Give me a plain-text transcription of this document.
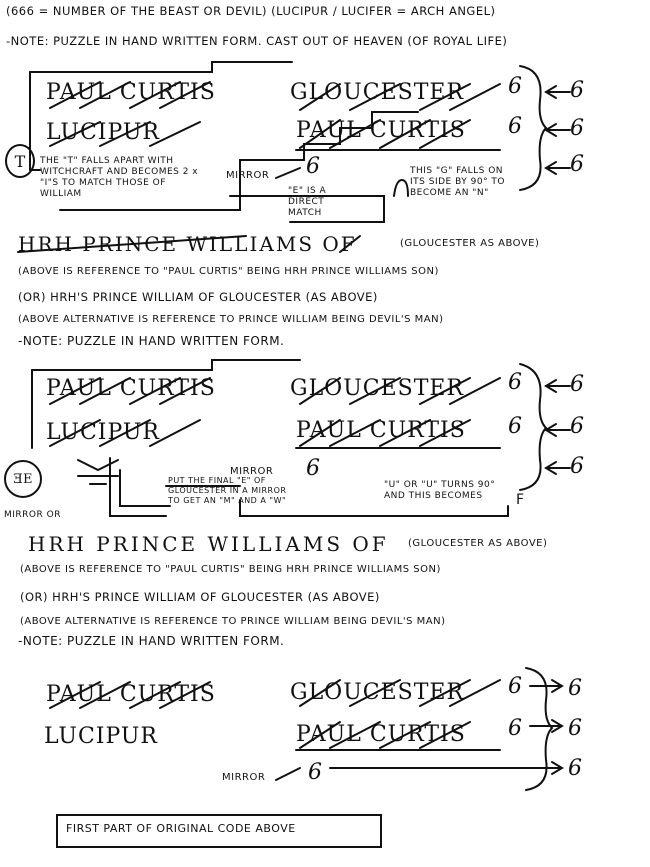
(666 = NUMBER OF THE BEAST OR DEVIL) (LUCIPUR / LUCIFER = ARCH ANGEL)
-NOTE: PUZZLE IN HAND WRITTEN FORM. CAST OUT OF HEAVEN (OF ROYAL LIFE)
PAUL CURTIS	GLOUCESTER 6
LUCIPUR	PAUL CURTIS 6
6
6
6
6
T THE "T" FALLS APART WITH WITCHCRAFT AND BECOMES 2 x "I"S TO MATCH THOSE OF WILLIAM
MIRROR
"E" IS A DIRECT MATCH
THIS "G" FALLS ON ITS SIDE BY 90° TO BECOME AN "N"
HRH PRINCE WILLIAMS OF	(GLOUCESTER AS ABOVE)
(ABOVE IS REFERENCE TO "PAUL CURTIS" BEING HRH PRINCE WILLIAMS SON)
(OR) HRH'S PRINCE WILLIAM OF GLOUCESTER (AS ABOVE)
(ABOVE ALTERNATIVE IS REFERENCE TO PRINCE WILLIAM BEING DEVIL'S MAN)
-NOTE: PUZZLE IN HAND WRITTEN FORM.
PAUL CURTIS	GLOUCESTER 6
LUCIPUR	PAUL CURTIS 6
6
6
6
6
ƎE
MIRROR OR
MIRROR
PUT THE FINAL "E" OF GLOUCESTER IN A MIRROR TO GET AN "M" AND A "W"
"U" OR "U" TURNS 90° AND THIS BECOMES	F
HRH PRINCE WILLIAMS OF (GLOUCESTER AS ABOVE)
(ABOVE IS REFERENCE TO "PAUL CURTIS" BEING HRH PRINCE WILLIAMS SON)
(OR) HRH'S PRINCE WILLIAM OF GLOUCESTER (AS ABOVE)
(ABOVE ALTERNATIVE IS REFERENCE TO PRINCE WILLIAM BEING DEVIL'S MAN)
-NOTE: PUZZLE IN HAND WRITTEN FORM.
PAUL CURTIS	GLOUCESTER 6
LUCIPUR	PAUL CURTIS 6
6
6
6
6
MIRROR
FIRST PART OF ORIGINAL CODE ABOVE
